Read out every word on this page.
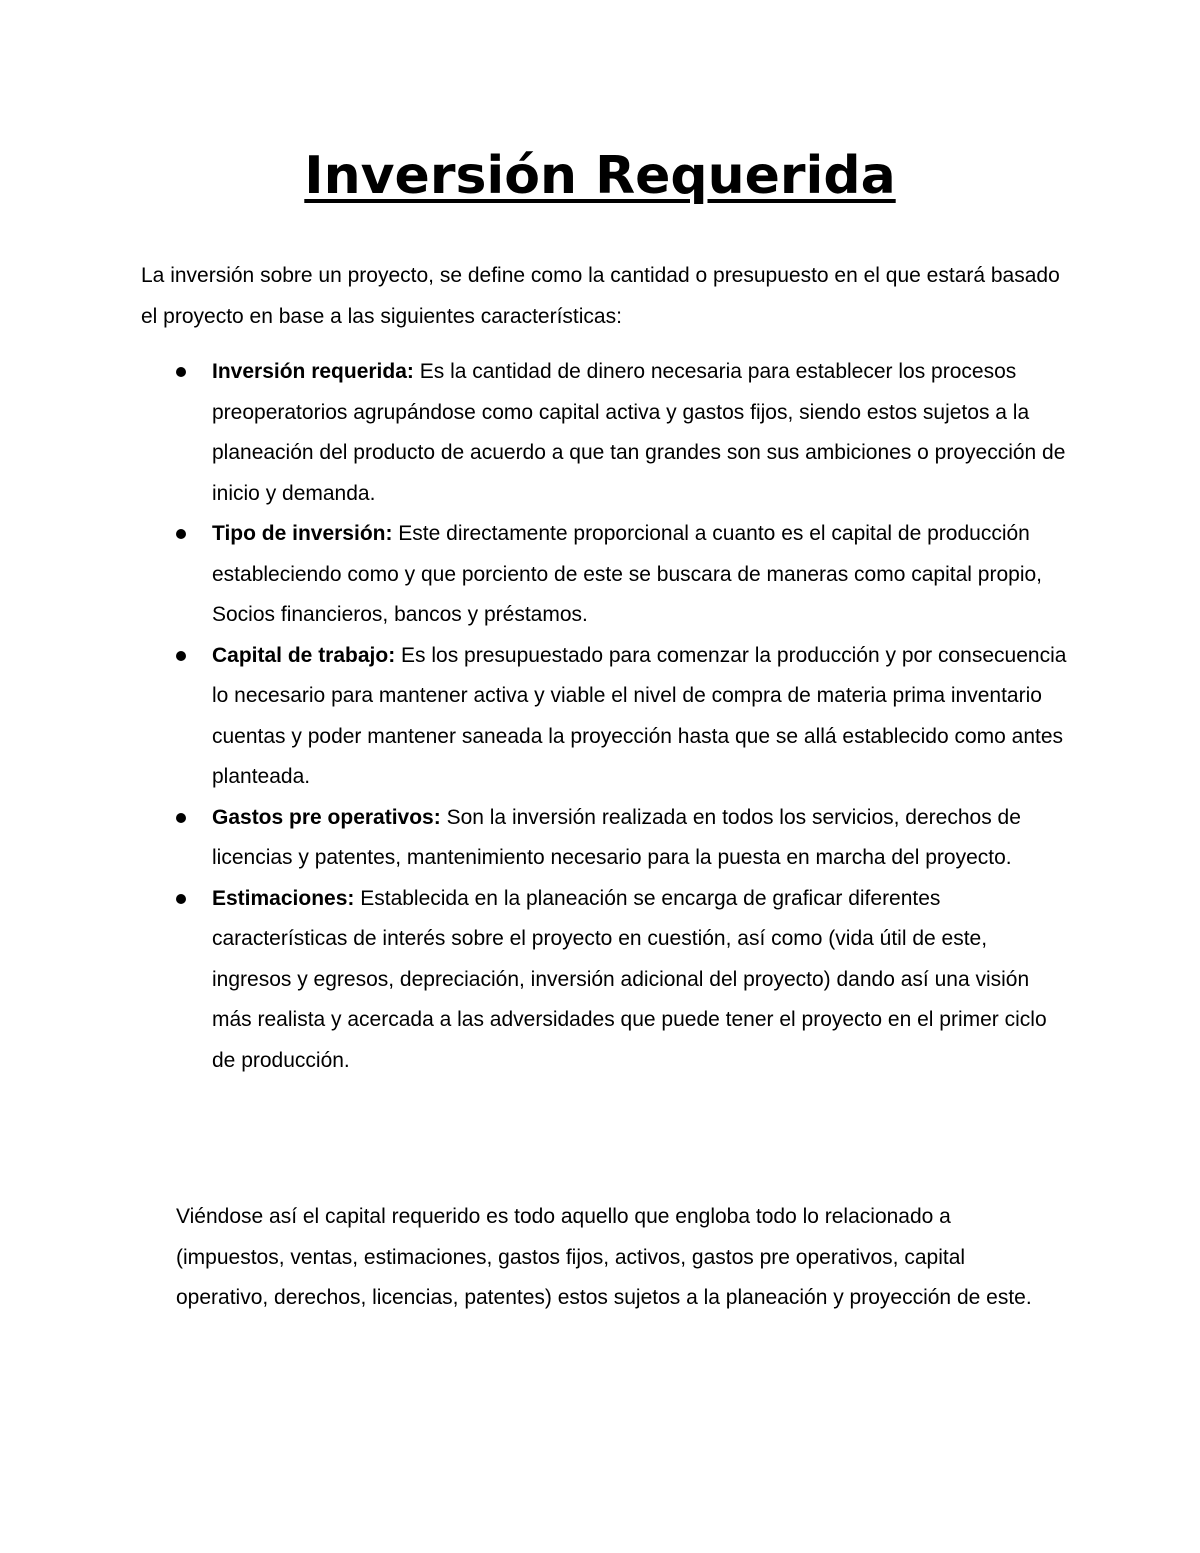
Inversión Requerida

La inversión sobre un proyecto, se define como la cantidad o presupuesto en el que estará basado el proyecto en base a las siguientes características:

Inversión requerida: Es la cantidad de dinero necesaria para establecer los procesos preoperatorios agrupándose como capital activa y gastos fijos, siendo estos sujetos a la planeación del producto de acuerdo a que tan grandes son sus ambiciones o proyección de inicio y demanda.
Tipo de inversión: Este directamente proporcional a cuanto es el capital de producción estableciendo como y que porciento de este se buscara de maneras como capital propio, Socios financieros, bancos y préstamos.
Capital de trabajo: Es los presupuestado para comenzar la producción y por consecuencia lo necesario para mantener activa y viable el nivel de compra de materia prima inventario cuentas y poder mantener saneada la proyección hasta que se allá establecido como antes planteada.
Gastos pre operativos: Son la inversión realizada en todos los servicios, derechos de licencias y patentes, mantenimiento necesario para la puesta en marcha del proyecto.
Estimaciones: Establecida en la planeación se encarga de graficar diferentes características de interés sobre el proyecto en cuestión, así como (vida útil de este, ingresos y egresos, depreciación, inversión adicional del proyecto) dando así una visión más realista y acercada a las adversidades que puede tener el proyecto en el primer ciclo de producción.

Viéndose así el capital requerido es todo aquello que engloba todo lo relacionado a (impuestos, ventas, estimaciones, gastos fijos, activos, gastos pre operativos, capital operativo, derechos, licencias, patentes) estos sujetos a la planeación y proyección de este.
